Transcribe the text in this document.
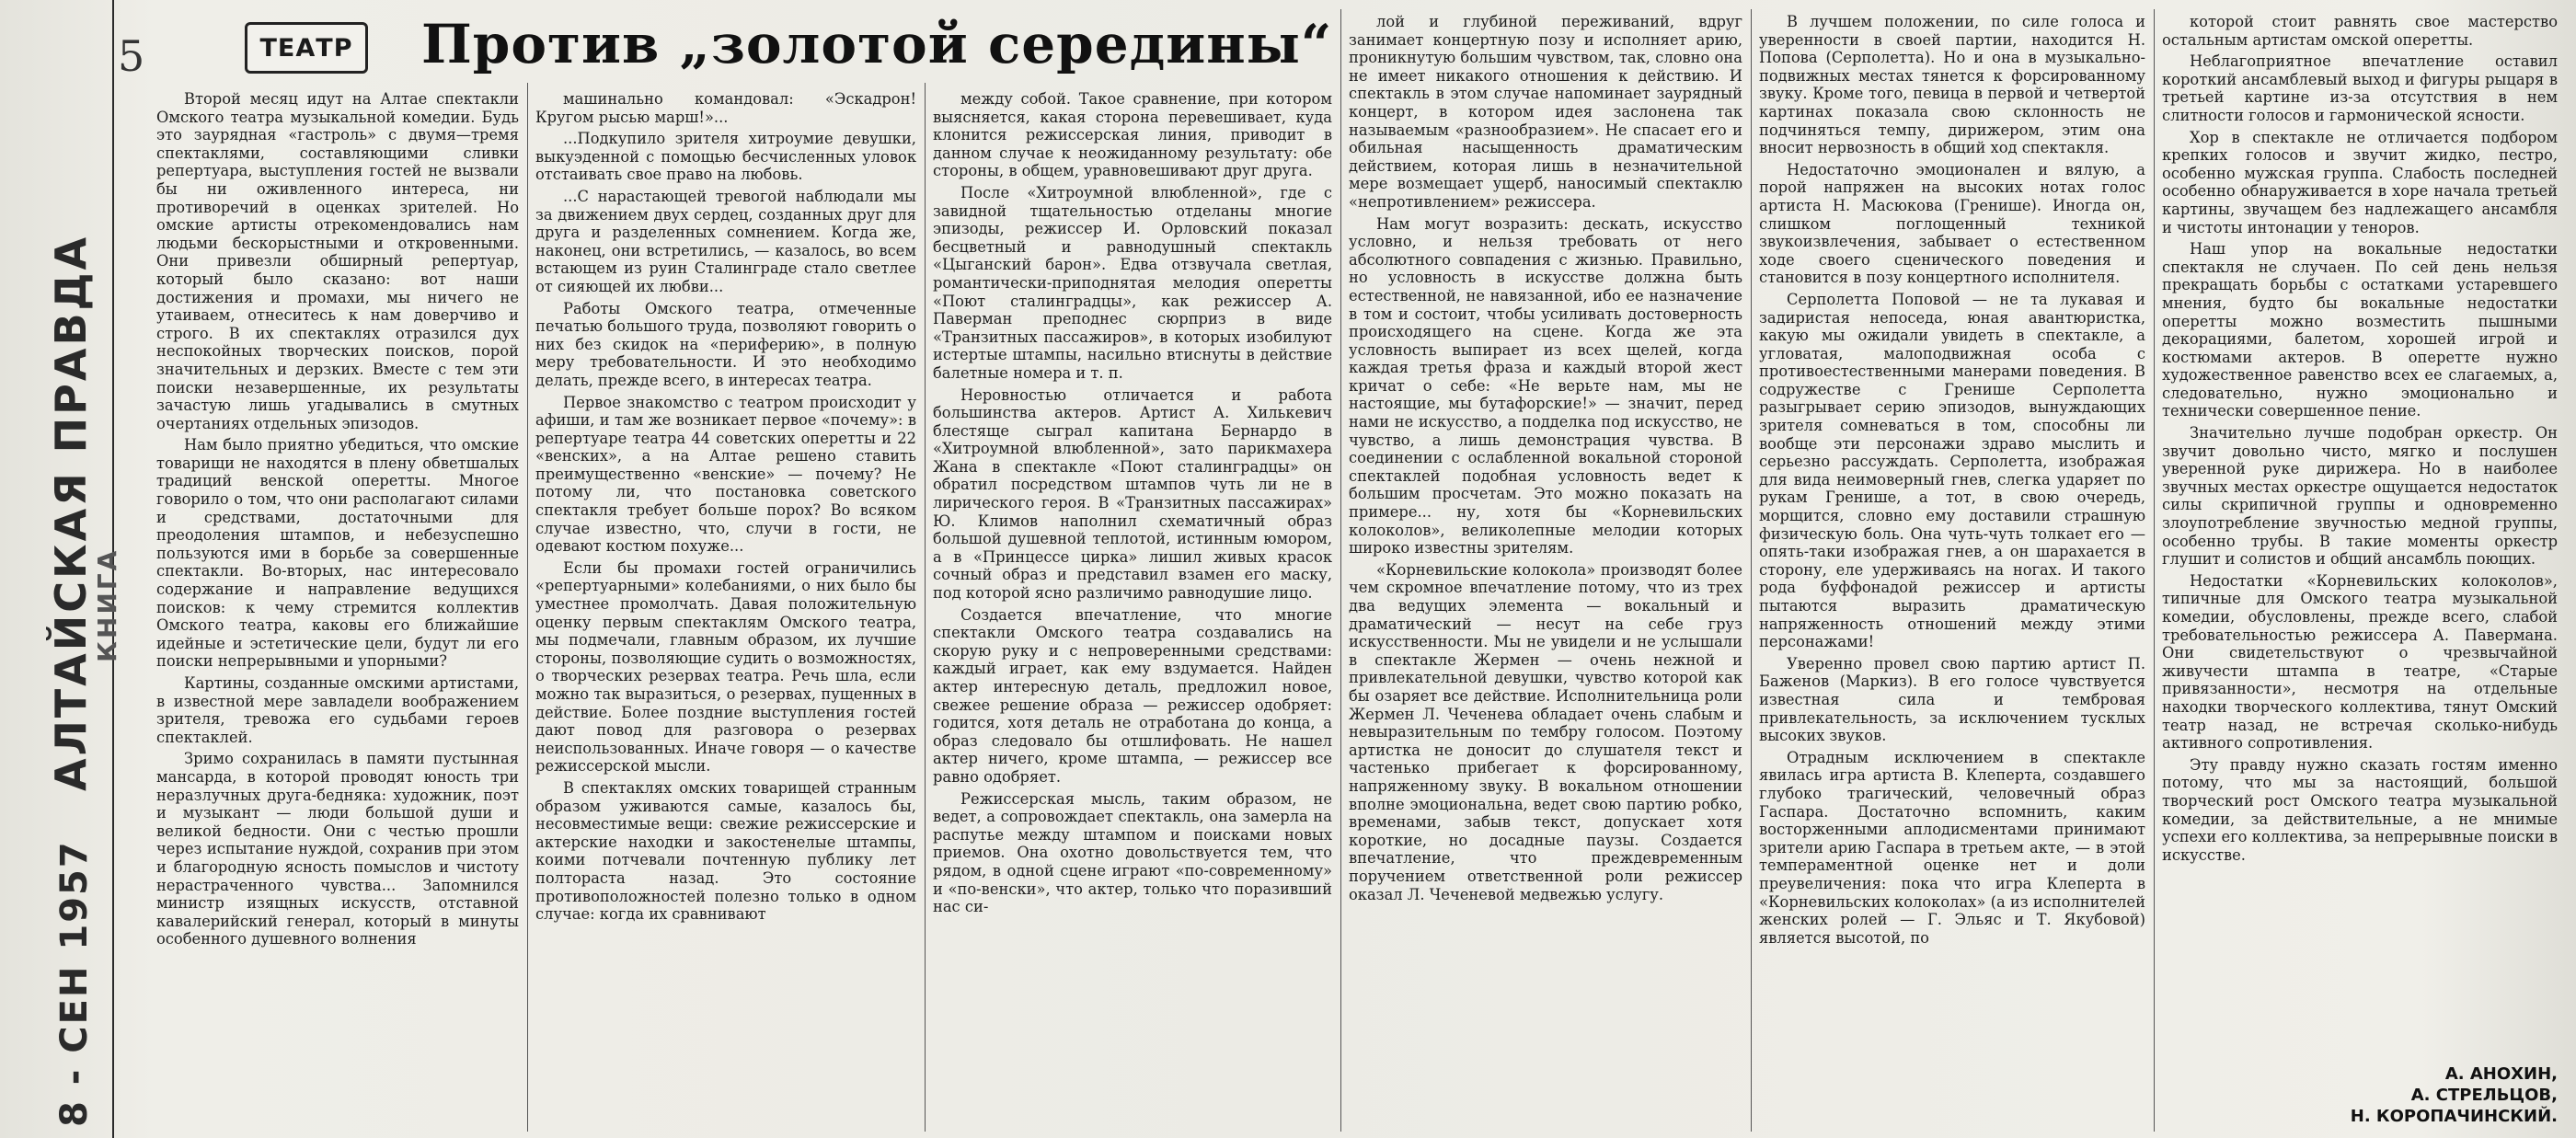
АЛТАЙСКАЯ ПРАВДА
КНИГА
8 - СЕН 1957
5	ТЕАТР Против „золотой середины“

Второй месяц идут на Алтае спектакли Омского театра музыкальной комедии. Будь это заурядная «гастроль» с двумя—тремя спектаклями, составляющими сливки репертуара, выступления гостей не вызвали бы ни оживленного интереса, ни противоречий в оценках зрителей. Но омские артисты отрекомендовались нам людьми бескорыстными и откровенными. Они привезли обширный репертуар, который было сказано: вот наши достижения и промахи, мы ничего не утаиваем, отнеситесь к нам доверчиво и строго. В их спектаклях отразился дух неспокойных творческих поисков, порой значительных и дерзких. Вместе с тем эти поиски незавершенные, их результаты зачастую лишь угадывались в смутных очертаниях отдельных эпизодов.

Нам было приятно убедиться, что омские товарищи не находятся в плену обветшалых традиций венской оперетты. Многое говорило о том, что они располагают силами и средствами, достаточными для преодоления штампов, и небезуспешно пользуются ими в борьбе за совершенные спектакли. Во-вторых, нас интересовало содержание и направление ведущихся поисков: к чему стремится коллектив Омского театра, каковы его ближайшие идейные и эстетические цели, будут ли его поиски непрерывными и упорными?

Картины, созданные омскими артистами, в известной мере завладели воображением зрителя, тревожа его судьбами героев спектаклей.

Зримо сохранилась в памяти пустынная мансарда, в которой проводят юность три неразлучных друга-бедняка: художник, поэт и музыкант — люди большой души и великой бедности. Они с честью прошли через испытание нуждой, сохранив при этом и благородную ясность помыслов и чистоту нерастраченного чувства... Запомнился министр изящных искусств, отставной кавалерийский генерал, который в минуты особенного душевного волнения

машинально командовал: «Эскадрон! Кругом рысью марш!»...

...Подкупило зрителя хитроумие девушки, выкуэденной с помощью бесчисленных уловок отстаивать свое право на любовь.

...С нарастающей тревогой наблюдали мы за движением двух сердец, созданных друг для друга и разделенных сомнением. Когда же, наконец, они встретились, — казалось, во всем встающем из руин Сталинграде стало светлее от сияющей их любви...

Работы Омского театра, отмеченные печатью большого труда, позволяют говорить о них без скидок на «периферию», в полную меру требовательности. И это необходимо делать, прежде всего, в интересах театра.

Первое знакомство с театром происходит у афиши, и там же возникает первое «почему»: в репертуаре театра 44 советских оперетты и 22 «венских», а на Алтае решено ставить преимущественно «венские» — почему? Не потому ли, что постановка советского спектакля требует больше порох? Во всяком случае известно, что, случи в гости, не одевают костюм похуже...

Если бы промахи гостей ограничились «репертуарными» колебаниями, о них было бы уместнее промолчать. Давая положительную оценку первым спектаклям Омского театра, мы подмечали, главным образом, их лучшие стороны, позволяющие судить о возможностях, о творческих резервах театра. Речь шла, если можно так выразиться, о резервах, пущенных в действие. Более поздние выступления гостей дают повод для разговора о резервах неиспользованных. Иначе говоря — о качестве режиссерской мысли.

В спектаклях омских товарищей странным образом уживаются самые, казалось бы, несовместимые вещи: свежие режиссерские и актерские находки и закостенелые штампы, коими потчевали почтенную публику лет полтораста назад. Это состояние противоположностей полезно только в одном случае: когда их сравнивают

между собой. Такое сравнение, при котором выясняется, какая сторона перевешивает, куда клонится режиссерская линия, приводит в данном случае к неожиданному результату: обе стороны, в общем, уравновешивают друг друга.

После «Хитроумной влюбленной», где с завидной тщательностью отделаны многие эпизоды, режиссер И. Орловский показал бесцветный и равнодушный спектакль «Цыганский барон». Едва отзвучала светлая, романтически-приподнятая мелодия оперетты «Поют сталинградцы», как режиссер А. Паверман преподнес сюрприз в виде «Транзитных пассажиров», в которых изобилуют истертые штампы, насильно втиснуты в действие балетные номера и т. п.

Неровностью отличается и работа большинства актеров. Артист А. Хилькевич блестяще сыграл капитана Бернардо в «Хитроумной влюбленной», зато парикмахера Жана в спектакле «Поют сталинградцы» он обратил посредством штампов чуть ли не в лирического героя. В «Транзитных пассажирах» Ю. Климов наполнил схематичный образ большой душевной теплотой, истинным юмором, а в «Принцессе цирка» лишил живых красок сочный образ и представил взамен его маску, под которой ясно различимо равнодушие лицо.

Создается впечатление, что многие спектакли Омского театра создавались на скорую руку и с непроверенными средствами: каждый играет, как ему вздумается. Найден актер интересную деталь, предложил новое, свежее решение образа — режиссер одобряет: годится, хотя деталь не отработана до конца, а образ следовало бы отшлифовать. Не нашел актер ничего, кроме штампа, — режиссер все равно одобряет.

Режиссерская мысль, таким образом, не ведет, а сопровождает спектакль, она замерла на распутье между штампом и поисками новых приемов. Она охотно довольствуется тем, что рядом, в одной сцене играют «по-современному» и «по-венски», что актер, только что поразивший нас си-

лой и глубиной переживаний, вдруг занимает концертную позу и исполняет арию, проникнутую большим чувством, так, словно она не имеет никакого отношения к действию. И спектакль в этом случае напоминает заурядный концерт, в котором идея заслонена так называемым «разнообразием». Не спасает его и обильная насыщенность драматическим действием, которая лишь в незначительной мере возмещает ущерб, наносимый спектаклю «непротивлением» режиссера.

Нам могут возразить: дескать, искусство условно, и нельзя требовать от него абсолютного совпадения с жизнью. Правильно, но условность в искусстве должна быть естественной, не навязанной, ибо ее назначение в том и состоит, чтобы усиливать достоверность происходящего на сцене. Когда же эта условность выпирает из всех щелей, когда каждая третья фраза и каждый второй жест кричат о себе: «Не верьте нам, мы не настоящие, мы бутафорские!» — значит, перед нами не искусство, а подделка под искусство, не чувство, а лишь демонстрация чувства. В соединении с ослабленной вокальной стороной спектаклей подобная условность ведет к большим просчетам. Это можно показать на примере... ну, хотя бы «Корневильских колоколов», великолепные мелодии которых широко известны зрителям.

«Корневильские колокола» производят более чем скромное впечатление потому, что из трех два ведущих элемента — вокальный и драматический — несут на себе груз искусственности. Мы не увидели и не услышали в спектакле Жермен — очень нежной и привлекательной девушки, чувство которой как бы озаряет все действие. Исполнительница роли Жермен Л. Чеченева обладает очень слабым и невыразительным по тембру голосом. Поэтому артистка не доносит до слушателя текст и частенько прибегает к форсированному, напряженному звуку. В вокальном отношении вполне эмоциональна, ведет свою партию робко, временами, забыв текст, допускает хотя короткие, но досадные паузы. Создается впечатление, что преждевременным поручением ответственной роли режиссер оказал Л. Чеченевой медвежью услугу.

В лучшем положении, по силе голоса и уверенности в своей партии, находится Н. Попова (Серполетта). Но и она в музыкально-подвижных местах тянется к форсированному звуку. Кроме того, певица в первой и четвертой картинах показала свою склонность не подчиняться темпу, дирижером, этим она вносит нервозность в общий ход спектакля.

Недостаточно эмоционален и вялую, а порой напряжен на высоких нотах голос артиста Н. Масюкова (Гренише). Иногда он, слишком поглощенный техникой звукоизвлечения, забывает о естественном ходе своего сценического поведения и становится в позу концертного исполнителя.

Серполетта Поповой — не та лукавая и задиристая непоседа, юная авантюристка, какую мы ожидали увидеть в спектакле, а угловатая, малоподвижная особа с противоестественными манерами поведения. В содружестве с Гренише Серполетта разыгрывает серию эпизодов, вынуждающих зрителя сомневаться в том, способны ли вообще эти персонажи здраво мыслить и серьезно рассуждать. Серполетта, изображая для вида неимоверный гнев, слегка ударяет по рукам Гренише, а тот, в свою очередь, морщится, словно ему доставили страшную физическую боль. Она чуть-чуть толкает его — опять-таки изображая гнев, а он шарахается в сторону, еле удерживаясь на ногах. И такого рода буффонадой режиссер и артисты пытаются выразить драматическую напряженность отношений между этими персонажами!

Уверенно провел свою партию артист П. Баженов (Маркиз). В его голосе чувствуется известная сила и тембровая привлекательность, за исключением тусклых высоких звуков.

Отрадным исключением в спектакле явилась игра артиста В. Клеперта, создавшего глубоко трагический, человечный образ Гаспара. Достаточно вспомнить, каким восторженными аплодисментами принимают зрители арию Гаспара в третьем акте, — в этой темпераментной оценке нет и доли преувеличения: пока что игра Клеперта в «Корневильских колоколах» (а из исполнителей женских ролей — Г. Эльяс и Т. Якубовой) является высотой, по

которой стоит равнять свое мастерство остальным артистам омской оперетты.

Неблагоприятное впечатление оставил короткий ансамблевый выход и фигуры рыцаря в третьей картине из-за отсутствия в нем слитности голосов и гармонической ясности.

Хор в спектакле не отличается подбором крепких голосов и звучит жидко, пестро, особенно мужская группа. Слабость последней особенно обнаруживается в хоре начала третьей картины, звучащем без надлежащего ансамбля и чистоты интонации у теноров.

Наш упор на вокальные недостатки спектакля не случаен. По сей день нельзя прекращать борьбы с остатками устаревшего мнения, будто бы вокальные недостатки оперетты можно возместить пышными декорациями, балетом, хорошей игрой и костюмами актеров. В оперетте нужно художественное равенство всех ее слагаемых, а, следовательно, нужно эмоционально и технически совершенное пение.

Значительно лучше подобран оркестр. Он звучит довольно чисто, мягко и послушен уверенной руке дирижера. Но в наиболее звучных местах оркестре ощущается недостаток силы скрипичной группы и одновременно злоупотребление звучностью медной группы, особенно трубы. В такие моменты оркестр глушит и солистов и общий ансамбль поющих.

Недостатки «Корневильских колоколов», типичные для Омского театра музыкальной комедии, обусловлены, прежде всего, слабой требовательностью режиссера А. Павермана. Они свидетельствуют о чрезвычайной живучести штампа в театре, «Старые привязанности», несмотря на отдельные находки творческого коллектива, тянут Омский театр назад, не встречая сколько-нибудь активного сопротивления.

Эту правду нужно сказать гостям именно потому, что мы за настоящий, большой творческий рост Омского театра музыкальной комедии, за действительные, а не мнимые успехи его коллектива, за непрерывные поиски в искусстве.

А. АНОХИН,
А. СТРЕЛЬЦОВ,
Н. КОРОПАЧИНСКИЙ.
